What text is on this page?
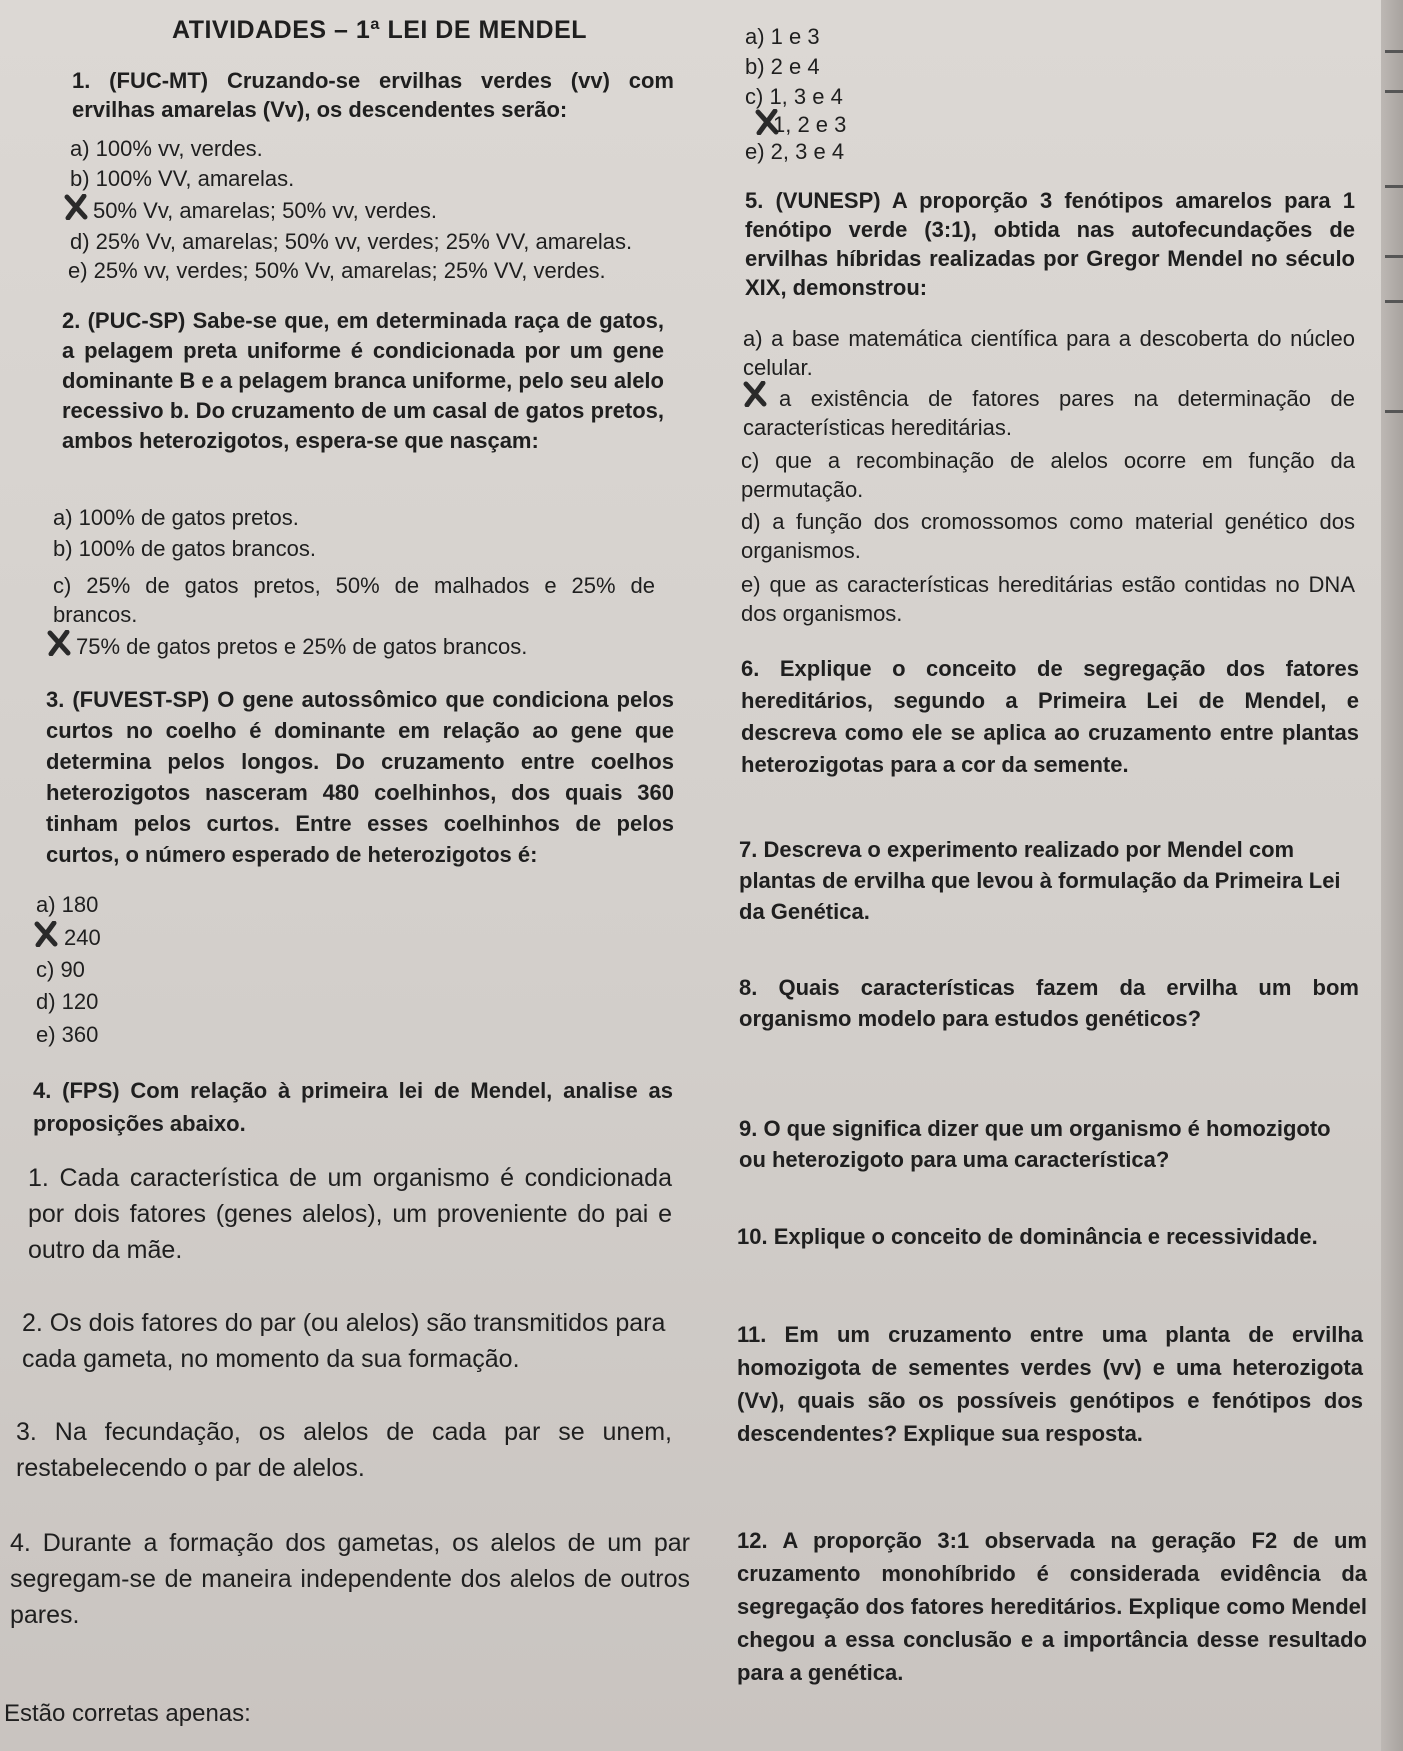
ATIVIDADES – 1ª LEI DE MENDEL
1. (FUC-MT) Cruzando-se ervilhas verdes (vv) com ervilhas amarelas (Vv), os descendentes serão:
a) 100% vv, verdes.
b) 100% VV, amarelas.
50% Vv, amarelas; 50% vv, verdes.
d) 25% Vv, amarelas; 50% vv, verdes; 25% VV, amarelas.
e) 25% vv, verdes; 50% Vv, amarelas; 25% VV, verdes.
2. (PUC-SP) Sabe-se que, em determinada raça de gatos, a pelagem preta uniforme é condicionada por um gene dominante B e a pelagem branca uniforme, pelo seu alelo recessivo b. Do cruzamento de um casal de gatos pretos, ambos heterozigotos, espera-se que nasçam:
a) 100% de gatos pretos.
b) 100% de gatos brancos.
c) 25% de gatos pretos, 50% de malhados e 25% de brancos.
75% de gatos pretos e 25% de gatos brancos.
3. (FUVEST-SP) O gene autossômico que condiciona pelos curtos no coelho é dominante em relação ao gene que determina pelos longos. Do cruzamento entre coelhos heterozigotos nasceram 480 coelhinhos, dos quais 360 tinham pelos curtos. Entre esses coelhinhos de pelos curtos, o número esperado de heterozigotos é:
a) 180
240
c) 90
d) 120
e) 360
4. (FPS) Com relação à primeira lei de Mendel, analise as proposições abaixo.
1. Cada característica de um organismo é condicionada por dois fatores (genes alelos), um proveniente do pai e outro da mãe.
2. Os dois fatores do par (ou alelos) são transmitidos para cada gameta, no momento da sua formação.
3. Na fecundação, os alelos de cada par se unem, restabelecendo o par de alelos.
4. Durante a formação dos gametas, os alelos de um par segregam-se de maneira independente dos alelos de outros pares.
Estão corretas apenas:
a) 1 e 3
b) 2 e 4
c) 1, 3 e 4
1, 2 e 3
e) 2, 3 e 4
5. (VUNESP) A proporção 3 fenótipos amarelos para 1 fenótipo verde (3:1), obtida nas autofecundações de ervilhas híbridas realizadas por Gregor Mendel no século XIX, demonstrou:
a) a base matemática científica para a descoberta do núcleo celular.
a existência de fatores pares na determinação de características hereditárias.
c) que a recombinação de alelos ocorre em função da permutação.
d) a função dos cromossomos como material genético dos organismos.
e) que as características hereditárias estão contidas no DNA dos organismos.
6. Explique o conceito de segregação dos fatores hereditários, segundo a Primeira Lei de Mendel, e descreva como ele se aplica ao cruzamento entre plantas heterozigotas para a cor da semente.
7. Descreva o experimento realizado por Mendel com plantas de ervilha que levou à formulação da Primeira Lei da Genética.
8. Quais características fazem da ervilha um bom organismo modelo para estudos genéticos?
9. O que significa dizer que um organismo é homozigoto ou heterozigoto para uma característica?
10. Explique o conceito de dominância e recessividade.
11. Em um cruzamento entre uma planta de ervilha homozigota de sementes verdes (vv) e uma heterozigota (Vv), quais são os possíveis genótipos e fenótipos dos descendentes? Explique sua resposta.
12. A proporção 3:1 observada na geração F2 de um cruzamento monohíbrido é considerada evidência da segregação dos fatores hereditários. Explique como Mendel chegou a essa conclusão e a importância desse resultado para a genética.
